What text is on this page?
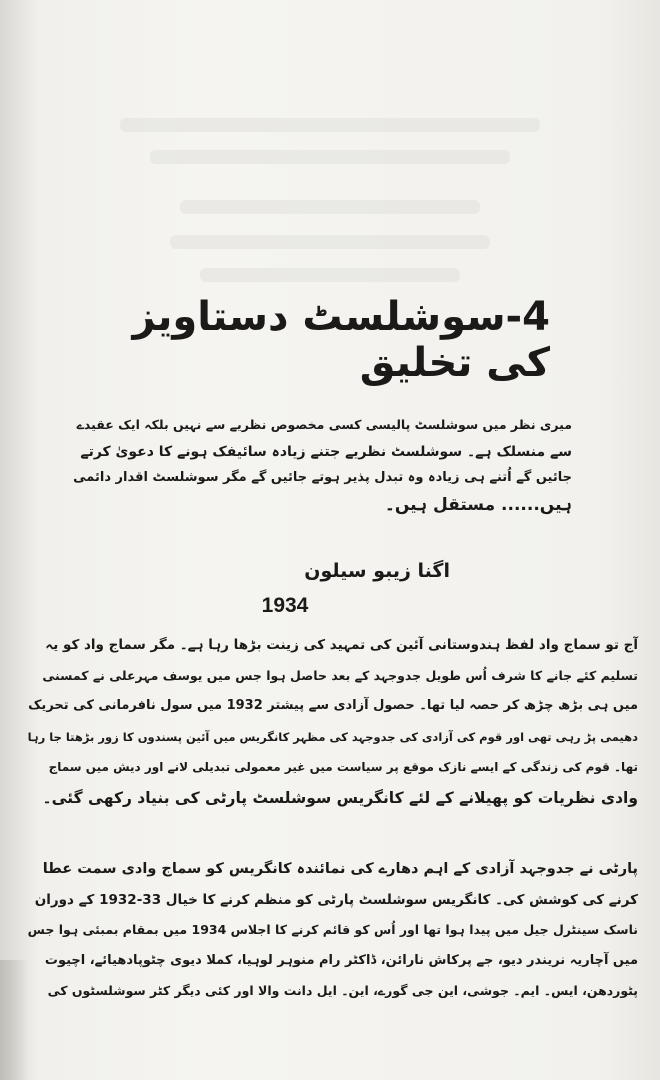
4-سوشلسٹ دستاویز کی تخلیق
میری نظر میں سوشلسٹ پالیسی کسی مخصوص نظریے سے نہیں بلکہ ایک عقیدے
سے منسلک ہے۔ سوشلسٹ نظریے جتنے زیادہ سائیفک ہونے کا دعویٰ کرتے
جائیں گے اُتنے ہی زیادہ وہ تبدل پذیر ہوتے جائیں گے مگر سوشلسٹ اقدار دائمی
ہیں...... مستقل ہیں۔
اگنا زیبو سیلون
1934
آج تو سماج واد لفظ ہندوستانی آئین کی تمہید کی زینت بڑھا رہا ہے۔ مگر سماج واد کو یہ
تسلیم کئے جانے کا شرف اُس طویل جدوجہد کے بعد حاصل ہوا جس میں یوسف مہرعلی نے کمسنی
میں ہی بڑھ چڑھ کر حصہ لیا تھا۔ حصول آزادی سے پیشتر 1932 میں سول نافرمانی کی تحریک
دھیمی پڑ رہی تھی اور قوم کی آزادی کی جدوجہد کی مظہر کانگریس میں آئین پسندوں کا زور بڑھتا جا رہا
تھا۔ قوم کی زندگی کے ایسے نازک موقع پر سیاست میں غیر معمولی تبدیلی لانے اور دیش میں سماج
وادی نظریات کو پھیلانے کے لئے کانگریس سوشلسٹ پارٹی کی بنیاد رکھی گئی۔
پارٹی نے جدوجہد آزادی کے اہم دھارے کی نمائندہ کانگریس کو سماج وادی سمت عطا
کرنے کی کوشش کی۔ کانگریس سوشلسٹ پارٹی کو منظم کرنے کا خیال 33-1932 کے دوران
ناسک سینٹرل جیل میں پیدا ہوا تھا اور اُس کو قائم کرنے کا اجلاس 1934 میں بمقام بمبئی ہوا جس
میں آچاریہ نریندر دیو، جے پرکاش نارائن، ڈاکٹر رام منوہر لوہیا، کملا دیوی چٹوپادھیائے، اچیوت
پٹوردھن، ایس۔ ایم۔ جوشی، این جی گورے، این۔ ایل دانت والا اور کئی دیگر کٹر سوشلسٹوں کی
